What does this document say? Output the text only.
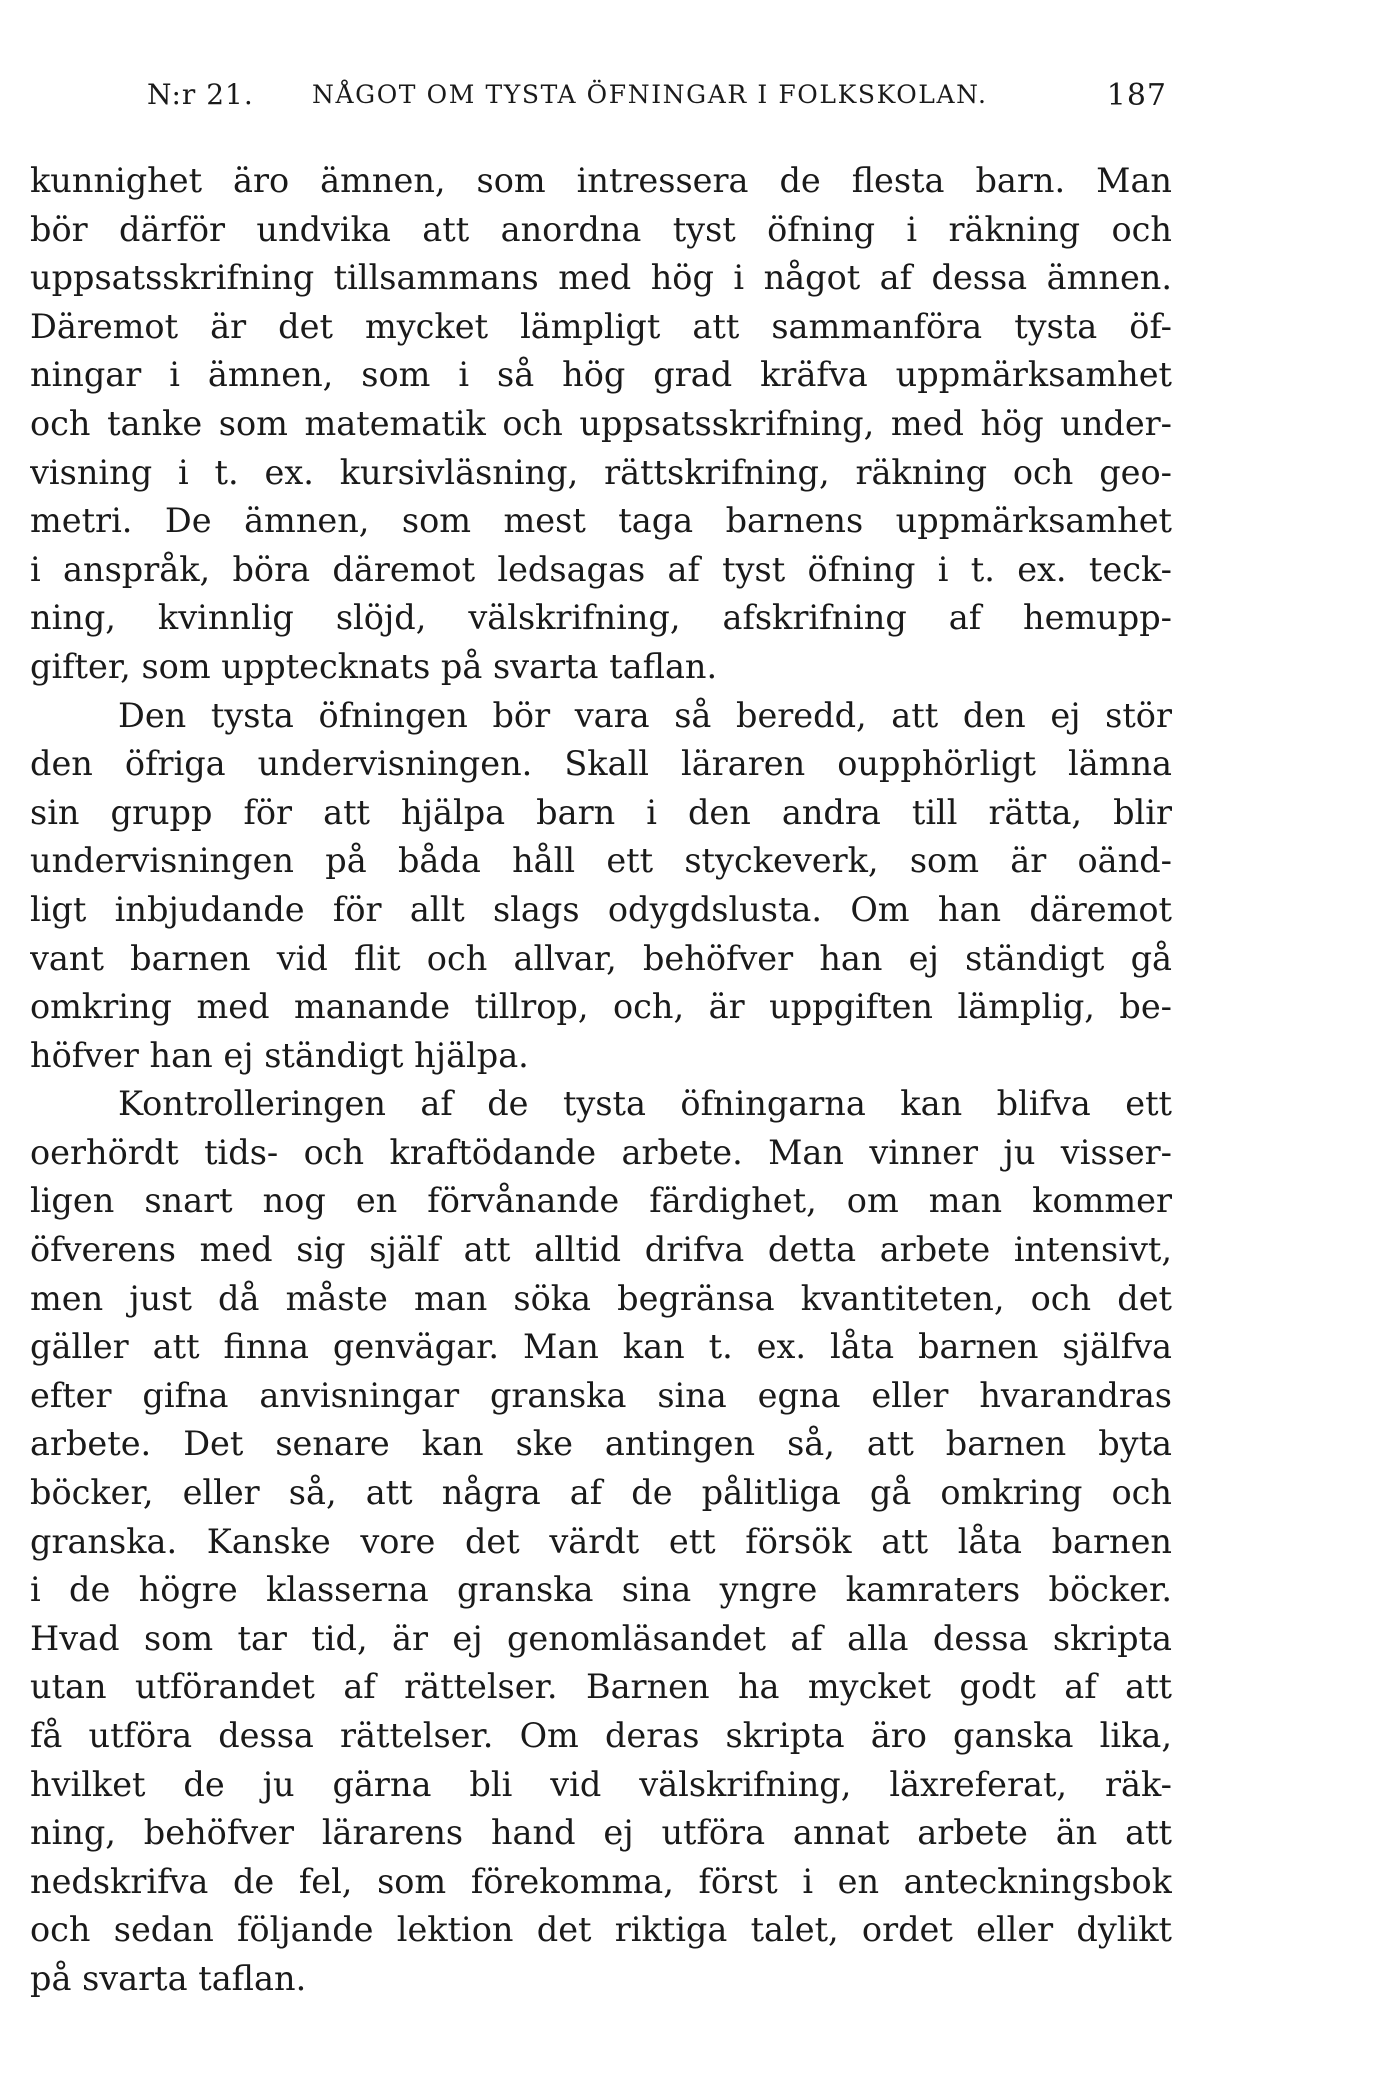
N:r 21. NÅGOT OM TYSTA ÖFNINGAR I FOLKSKOLAN.	187
kunnighet äro ämnen, som intressera de flesta barn. Man
bör därför undvika att anordna tyst öfning i räkning och
uppsatsskrifning tillsammans med hög i något af dessa ämnen.
Däremot är det mycket lämpligt att sammanföra tysta öf-
ningar i ämnen, som i så hög grad kräfva uppmärksamhet
och tanke som matematik och uppsatsskrifning, med hög under-
visning i t. ex. kursivläsning, rättskrifning, räkning och geo-
metri. De ämnen, som mest taga barnens uppmärksamhet
i anspråk, böra däremot ledsagas af tyst öfning i t. ex. teck-
ning, kvinnlig slöjd, välskrifning, afskrifning af hemupp-
gifter, som upptecknats på svarta taflan.
Den tysta öfningen bör vara så beredd, att den ej stör
den öfriga undervisningen. Skall läraren oupphörligt lämna
sin grupp för att hjälpa barn i den andra till rätta, blir
undervisningen på båda håll ett styckeverk, som är oänd-
ligt inbjudande för allt slags odygdslusta. Om han däremot
vant barnen vid flit och allvar, behöfver han ej ständigt gå
omkring med manande tillrop, och, är uppgiften lämplig, be-
höfver han ej ständigt hjälpa.
Kontrolleringen af de tysta öfningarna kan blifva ett
oerhördt tids- och kraftödande arbete. Man vinner ju visser-
ligen snart nog en förvånande färdighet, om man kommer
öfverens med sig själf att alltid drifva detta arbete intensivt,
men just då måste man söka begränsa kvantiteten, och det
gäller att finna genvägar. Man kan t. ex. låta barnen själfva
efter gifna anvisningar granska sina egna eller hvarandras
arbete. Det senare kan ske antingen så, att barnen byta
böcker, eller så, att några af de pålitliga gå omkring och
granska. Kanske vore det värdt ett försök att låta barnen
i de högre klasserna granska sina yngre kamraters böcker.
Hvad som tar tid, är ej genomläsandet af alla dessa skripta
utan utförandet af rättelser. Barnen ha mycket godt af att
få utföra dessa rättelser. Om deras skripta äro ganska lika,
hvilket de ju gärna bli vid välskrifning, läxreferat, räk-
ning, behöfver lärarens hand ej utföra annat arbete än att
nedskrifva de fel, som förekomma, först i en anteckningsbok
och sedan följande lektion det riktiga talet, ordet eller dylikt
på svarta taflan.
